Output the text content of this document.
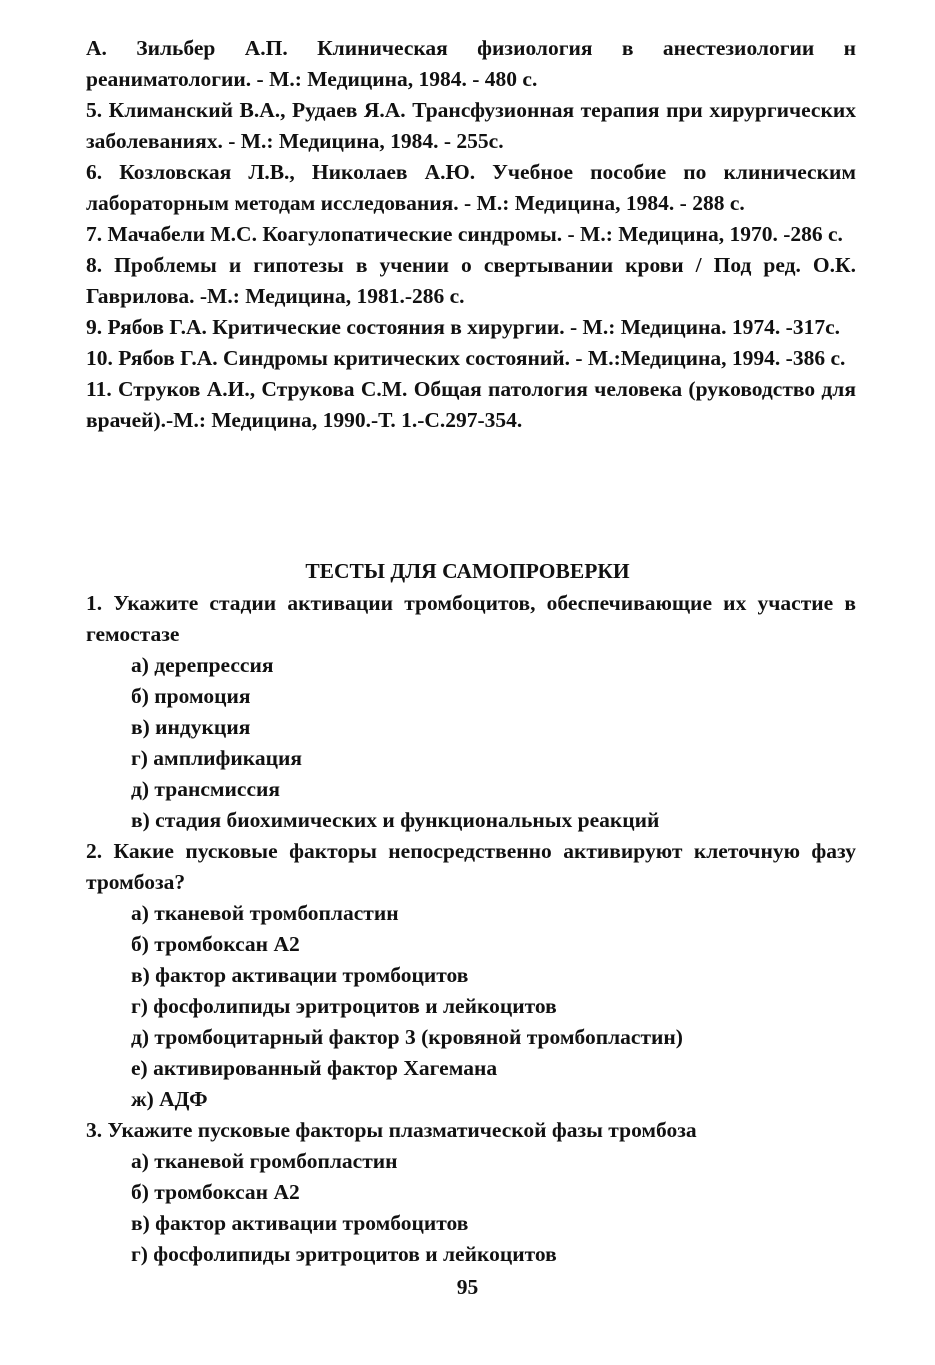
А. Зильбер А.П. Клиническая физиология в анестезиологии н реаниматологии. - М.: Медицина, 1984. - 480 с.
5. Климанский В.А., Рудаев Я.А. Трансфузионная терапия при хирургических заболеваниях. - М.: Медицина, 1984. - 255с.
6. Козловская Л.В., Николаев А.Ю. Учебное пособие по клиническим лабораторным методам исследования. - М.: Медицина, 1984. - 288 с.
7. Мачабели М.С. Коагулопатические синдромы. - М.: Медицина, 1970. -286 с.
8. Проблемы и гипотезы в учении о свертывании крови / Под ред. О.К. Гаврилова. -М.: Медицина, 1981.-286 с.
9. Рябов Г.А. Критические состояния в хирургии. - М.: Медицина. 1974. -317с.
10. Рябов Г.А. Синдромы критических состояний. - М.:Медицина, 1994. -386 с.
11. Струков А.И., Струкова С.М. Общая патология человека (руководство для врачей).-М.: Медицина, 1990.-Т. 1.-С.297-354.
ТЕСТЫ ДЛЯ САМОПРОВЕРКИ
1. Укажите стадии активации тромбоцитов, обеспечивающие их участие в гемостазе
а) дерепрессия
б) промоция
в) индукция
г) амплификация
д) трансмиссия
в) стадия биохимических и функциональных реакций
2. Какие пусковые факторы непосредственно активируют клеточную фазу тромбоза?
а) тканевой тромбопластин
б) тромбоксан А2
в) фактор активации тромбоцитов
г) фосфолипиды эритроцитов и лейкоцитов
д) тромбоцитарный фактор 3 (кровяной тромбопластин)
е) активированный фактор Хагемана
ж) АДФ
3. Укажите пусковые факторы плазматической фазы тромбоза
а) тканевой громбопластин
б) тромбоксан А2
в) фактор активации тромбоцитов
г) фосфолипиды эритроцитов и лейкоцитов
95
